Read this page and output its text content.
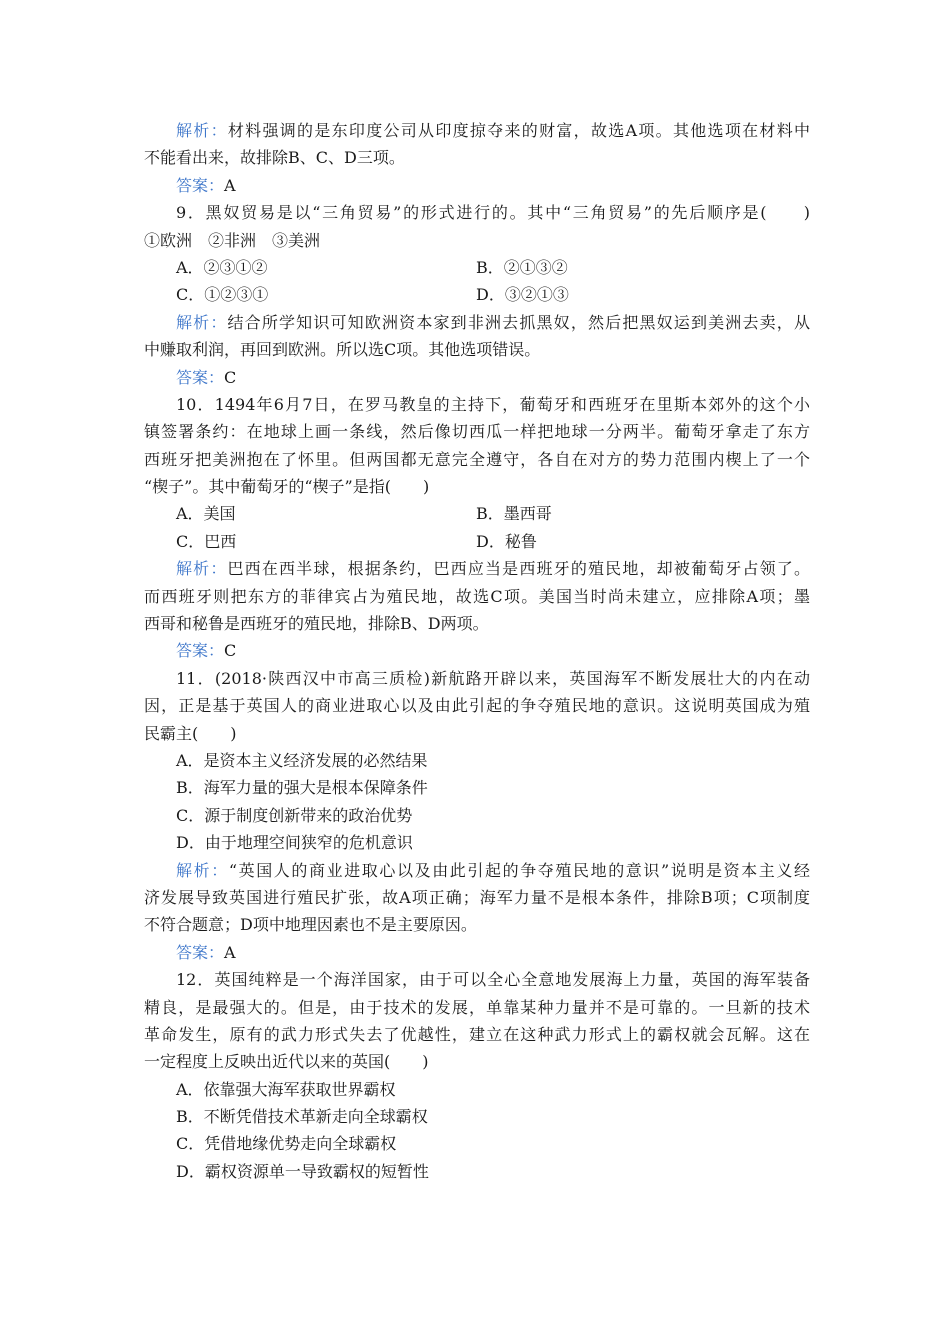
解析：材料强调的是东印度公司从印度掠夺来的财富，故选A项。其他选项在材料中
不能看出来，故排除B、C、D三项。
答案：A
9．黑奴贸易是以“三角贸易”的形式进行的。其中“三角贸易”的先后顺序是(　　)
①欧洲　②非洲　③美洲
A．②③①②	B．②①③②
C．①②③①	D．③②①③
解析：结合所学知识可知欧洲资本家到非洲去抓黑奴，然后把黑奴运到美洲去卖，从
中赚取利润，再回到欧洲。所以选C项。其他选项错误。
答案：C
10．1494年6月7日，在罗马教皇的主持下，葡萄牙和西班牙在里斯本郊外的这个小
镇签署条约：在地球上画一条线，然后像切西瓜一样把地球一分两半。葡萄牙拿走了东方
西班牙把美洲抱在了怀里。但两国都无意完全遵守，各自在对方的势力范围内楔上了一个
“楔子”。其中葡萄牙的“楔子”是指(　　)
A．美国	B．墨西哥
C．巴西	D．秘鲁
解析：巴西在西半球，根据条约，巴西应当是西班牙的殖民地，却被葡萄牙占领了。
而西班牙则把东方的菲律宾占为殖民地，故选C项。美国当时尚未建立，应排除A项；墨
西哥和秘鲁是西班牙的殖民地，排除B、D两项。
答案：C
11．(2018·陕西汉中市高三质检)新航路开辟以来，英国海军不断发展壮大的内在动
因，正是基于英国人的商业进取心以及由此引起的争夺殖民地的意识。这说明英国成为殖
民霸主(　　)
A．是资本主义经济发展的必然结果
B．海军力量的强大是根本保障条件
C．源于制度创新带来的政治优势
D．由于地理空间狭窄的危机意识
解析：“英国人的商业进取心以及由此引起的争夺殖民地的意识”说明是资本主义经
济发展导致英国进行殖民扩张，故A项正确；海军力量不是根本条件，排除B项；C项制度
不符合题意；D项中地理因素也不是主要原因。
答案：A
12．英国纯粹是一个海洋国家，由于可以全心全意地发展海上力量，英国的海军装备
精良，是最强大的。但是，由于技术的发展，单靠某种力量并不是可靠的。一旦新的技术
革命发生，原有的武力形式失去了优越性，建立在这种武力形式上的霸权就会瓦解。这在
一定程度上反映出近代以来的英国(　　)
A．依靠强大海军获取世界霸权
B．不断凭借技术革新走向全球霸权
C．凭借地缘优势走向全球霸权
D．霸权资源单一导致霸权的短暂性
